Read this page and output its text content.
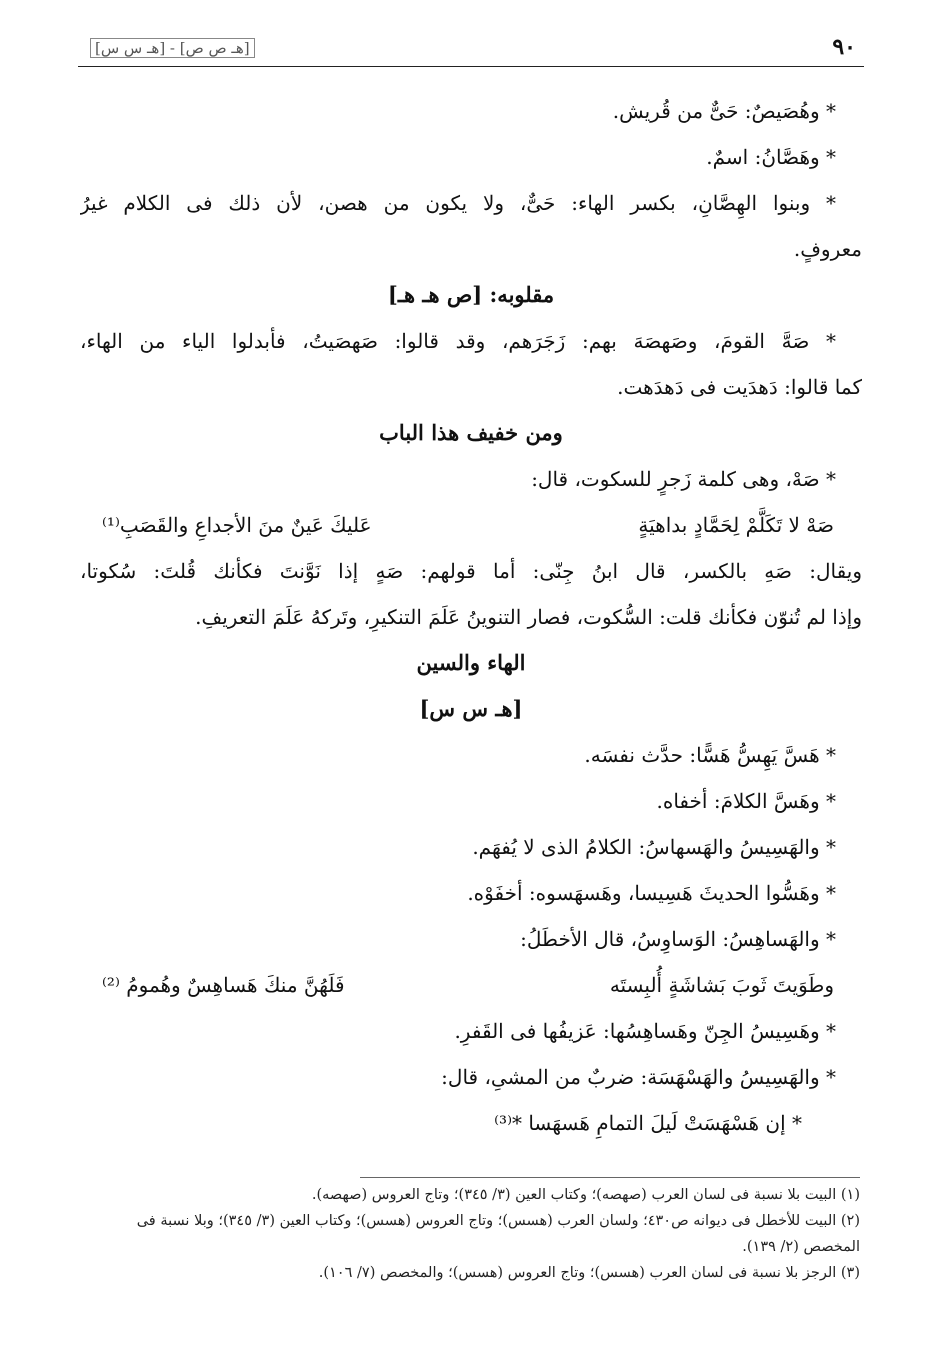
٩٠
[هـ ص ص] - [هـ س س]
* وهُصَيصٌ: حَىٌّ من قُريش.
* وهَصَّانُ: اسمٌ.
* وبنوا الهِصَّانِ، بكسر الهاء: حَىٌّ، ولا يكون من هصن، لأن ذلك فى الكلام غيرُ
معروفٍ.
مقلوبه: [ص هـ هـ]
* صَهَّ القومَ، وصَهصَهَ بهم: زَجَرَهم، وقد قالوا: صَهصَيتُ، فأبدلوا الياء من الهاء،
كما قالوا: دَهدَيت فى دَهدَهت.
ومن خفيف هذا الباب
* صَهْ، وهى كلمة زَجرٍ للسكوت، قال:
صَهْ لا تَكَلَّمْ لِحَمَّادٍ بداهيَةٍ
عَليكَ عَينٌ منَ الأجداعِ والقَصَبِ⁽¹⁾
ويقال: صَهِ بالكسر، قال ابنُ جِنّى: أما قولهم: صَهٍ إذا نَوَّنتَ فكأنك قُلتَ: سُكوتا،
وإذا لم تُنوّن فكأنك قلت: السُّكوت، فصار التنوينُ عَلَمَ التنكيرِ، وتَركهُ عَلَمَ التعريفِ.
الهاء والسين
[هـ س س]
* هَسَّ يَهِسُّ هَسًّا: حدَّث نفسَه.
* وهَسَّ الكلامَ: أخفاه.
* والهَسِيسُ والهَسهاسُ: الكلامُ الذى لا يُفهَم.
* وهَسُّوا الحديثَ هَسِيسا، وهَسهَسوه: أخفَوْه.
* والهَساهِسُ: الوَساوِسُ، قال الأخطَلُ:
وطَوَيتَ ثَوبَ بَشاشَةٍ أُلبِستَه
فَلَهُنَّ منكَ هَساهِسٌ وهُمومُ ⁽²⁾
* وهَسِيسُ الجِنّ وهَساهِسُها: عَزيفُها فى القَفرِ.
* والهَسِيسُ والهَسْهَسَة: ضربٌ من المشىِ، قال:
* إن هَسْهَسَتْ لَيلَ التمامِ هَسهَسا *⁽³⁾
(١) البيت بلا نسبة فى لسان العرب (صهصه)؛ وكتاب العين (٣/ ٣٤٥)؛ وتاج العروس (صهصه).
(٢) البيت للأخطل فى ديوانه ص٤٣٠؛ ولسان العرب (هسس)؛ وتاج العروس (هسس)؛ وكتاب العين (٣/ ٣٤٥)؛ وبلا نسبة فى المخصص (٢/ ١٣٩).
(٣) الرجز بلا نسبة فى لسان العرب (هسس)؛ وتاج العروس (هسس)؛ والمخصص (٧/ ١٠٦).
